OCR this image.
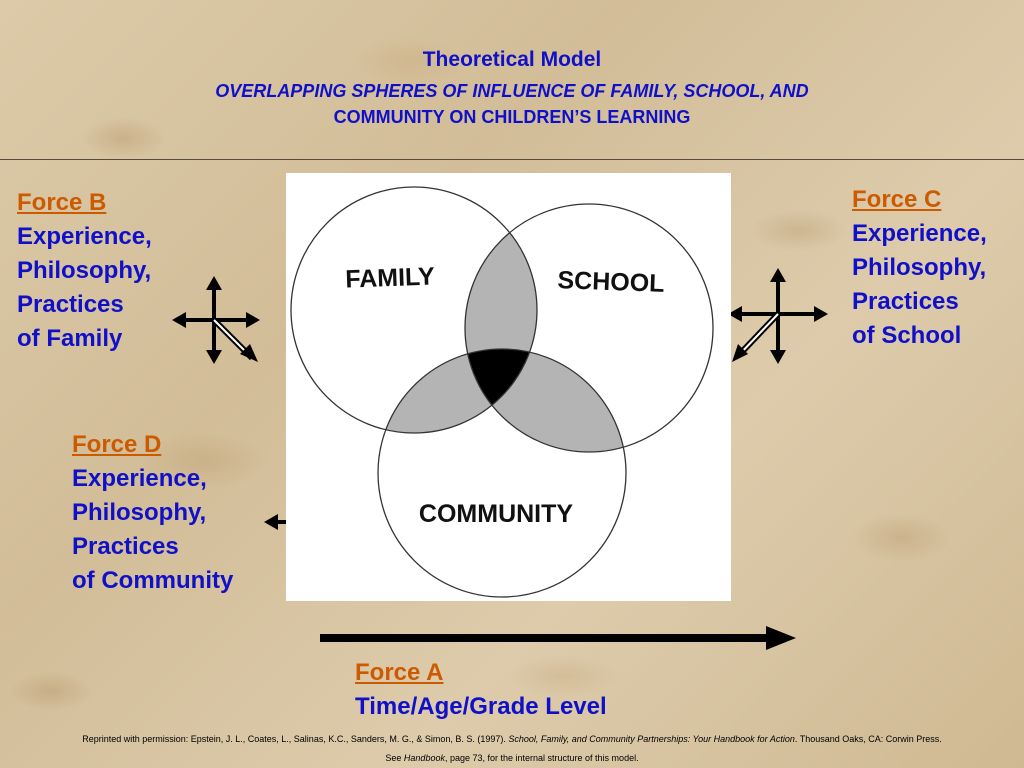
Theoretical Model
OVERLAPPING SPHERES OF INFLUENCE OF FAMILY, SCHOOL, AND
COMMUNITY ON CHILDREN’S LEARNING
Force B
Experience,
Philosophy,
Practices
of Family
Force C
Experience,
Philosophy,
Practices
of School
Force D
Experience,
Philosophy,
Practices
of Community
Force A
Time/Age/Grade Level
FAMILY	SCHOOL
COMMUNITY
Reprinted with permission: Epstein, J. L., Coates, L., Salinas, K.C., Sanders, M. G., & Simon, B. S. (1997). School, Family, and Community Partnerships: Your Handbook for Action. Thousand Oaks, CA: Corwin Press.
See Handbook, page 73, for the internal structure of this model.
